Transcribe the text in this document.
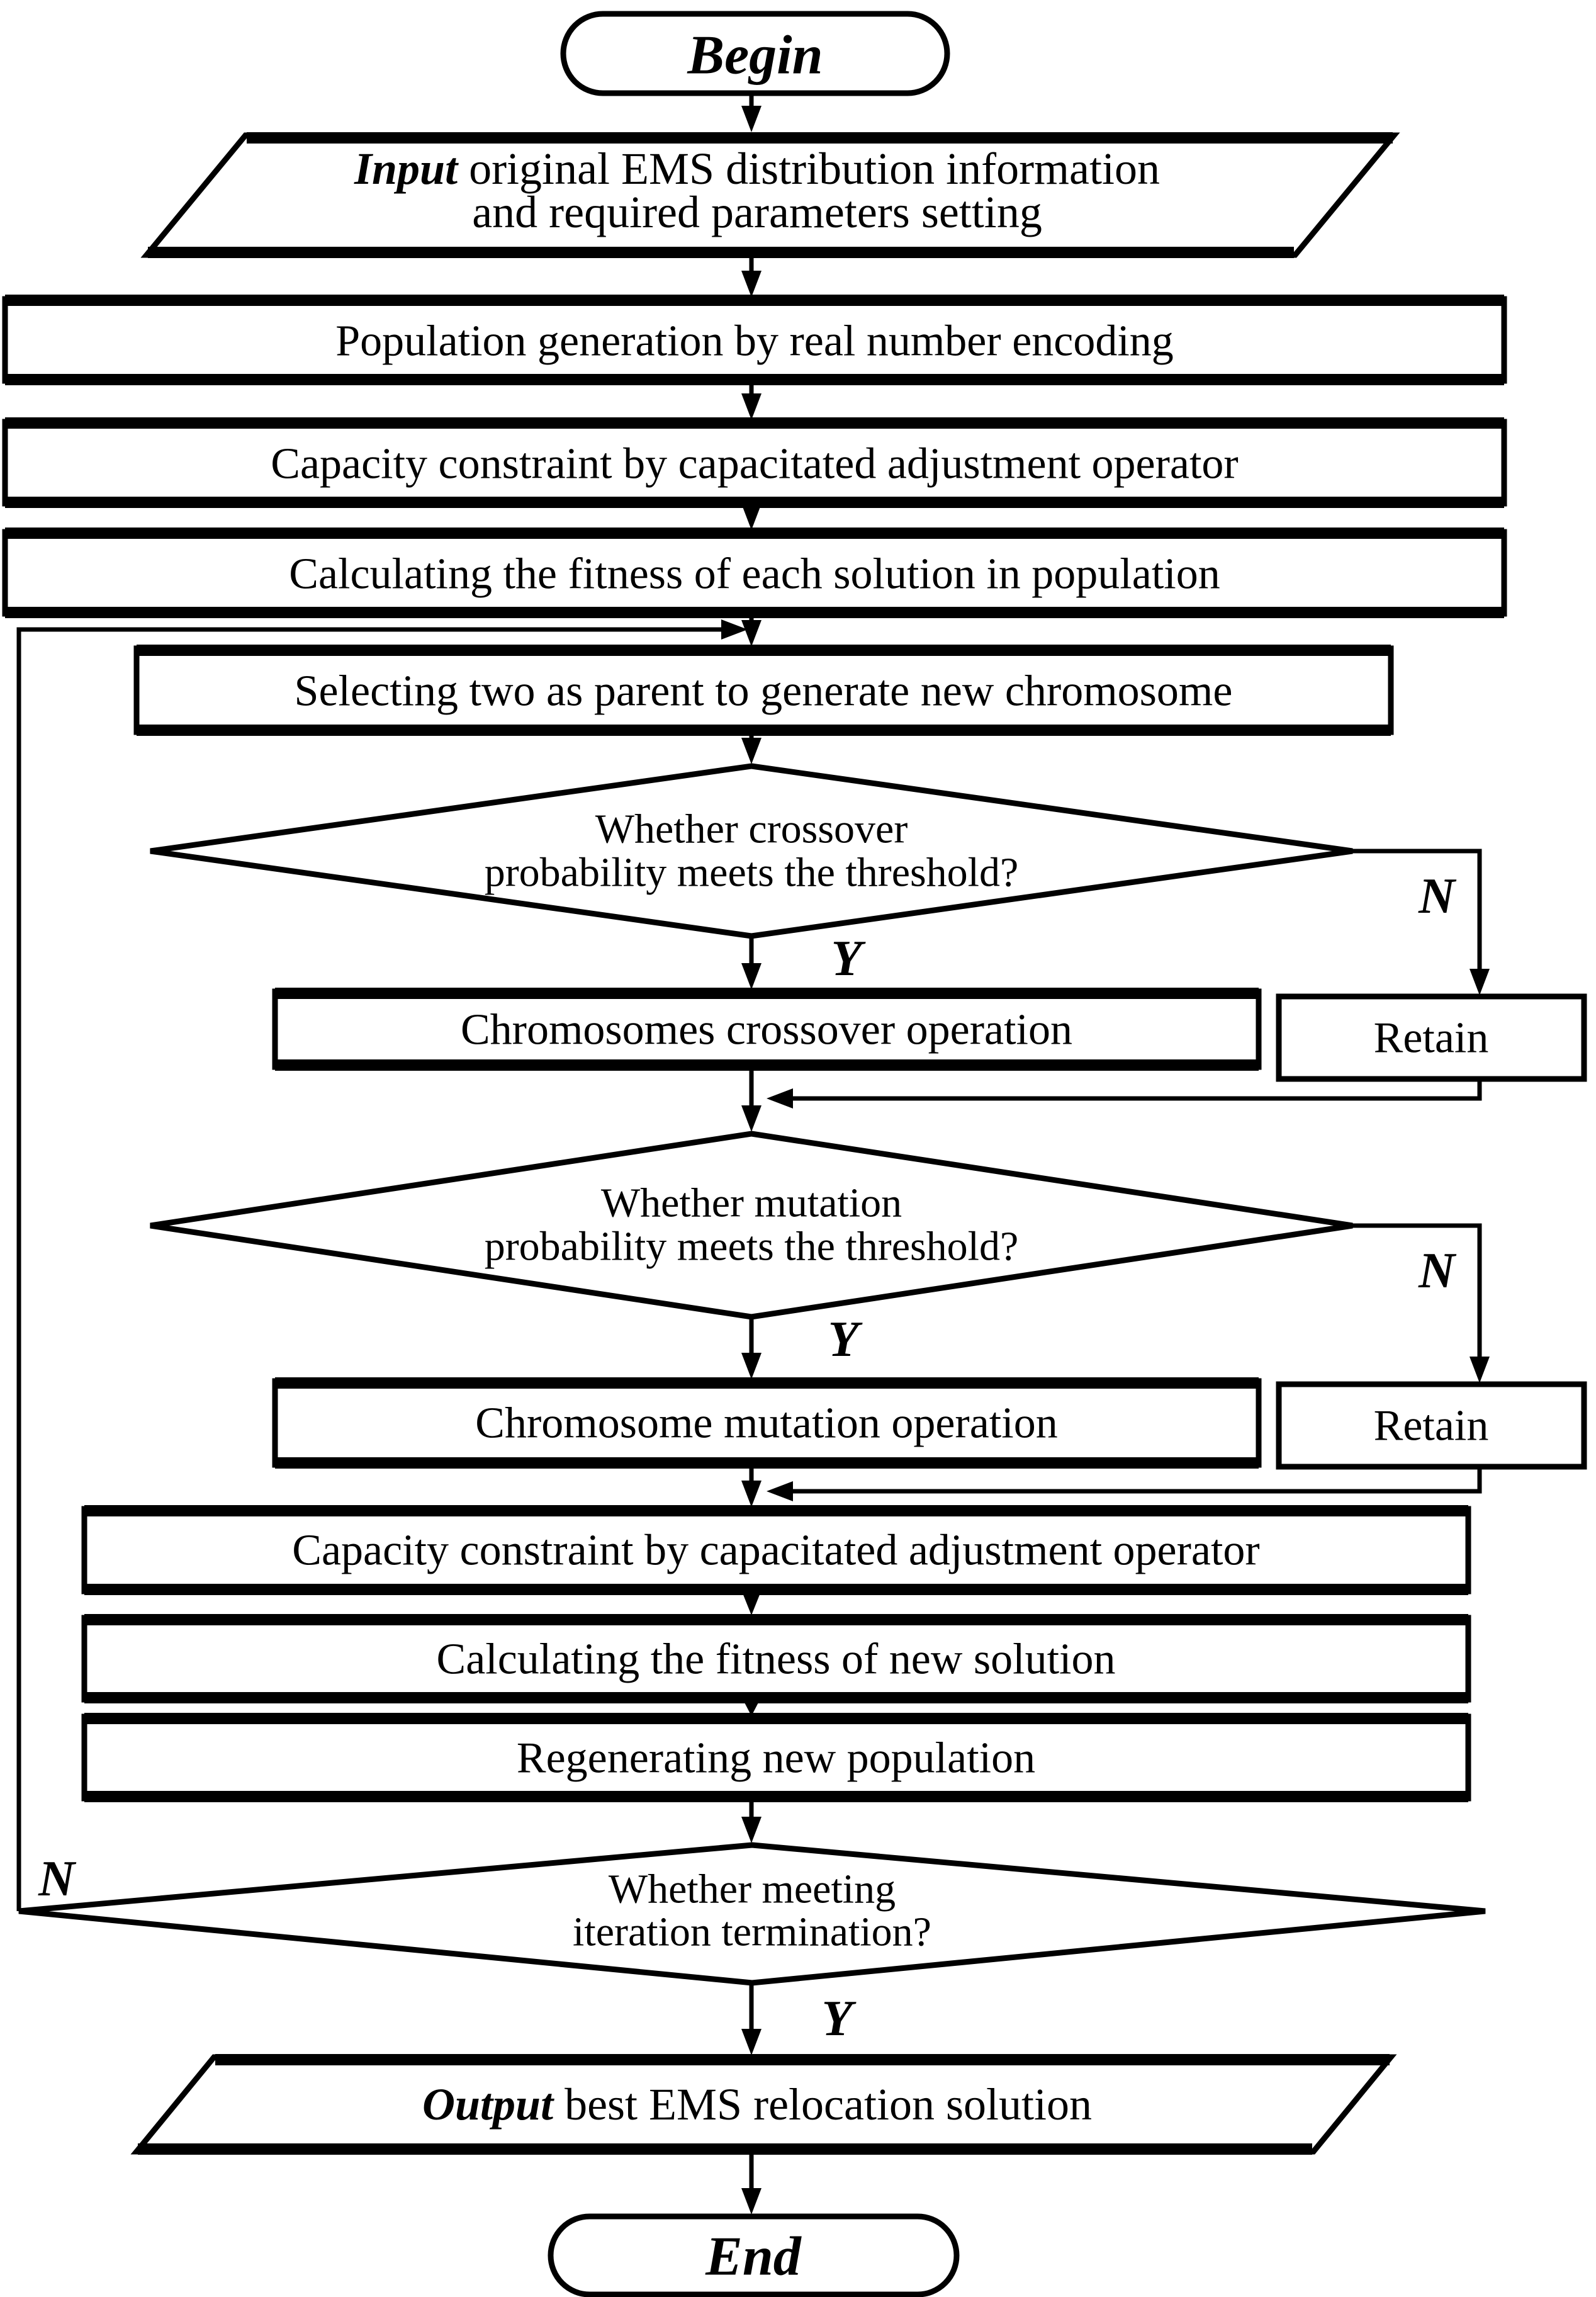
Begin
Input original EMS distribution information
and required parameters setting
Population generation by real number encoding
Capacity constraint by capacitated adjustment operator
Calculating the fitness of each solution in population
Selecting two as parent to generate new chromosome
Whether crossover
probability meets the threshold?
Y
N
Chromosomes crossover operation	Retain
Whether mutation
probability meets the threshold?
Y
N
Chromosome mutation operation	Retain
Capacity constraint by capacitated adjustment operator
Calculating the fitness of new solution
Regenerating new population
Whether meeting
iteration termination?
N
Y
Output best EMS relocation solution
End
